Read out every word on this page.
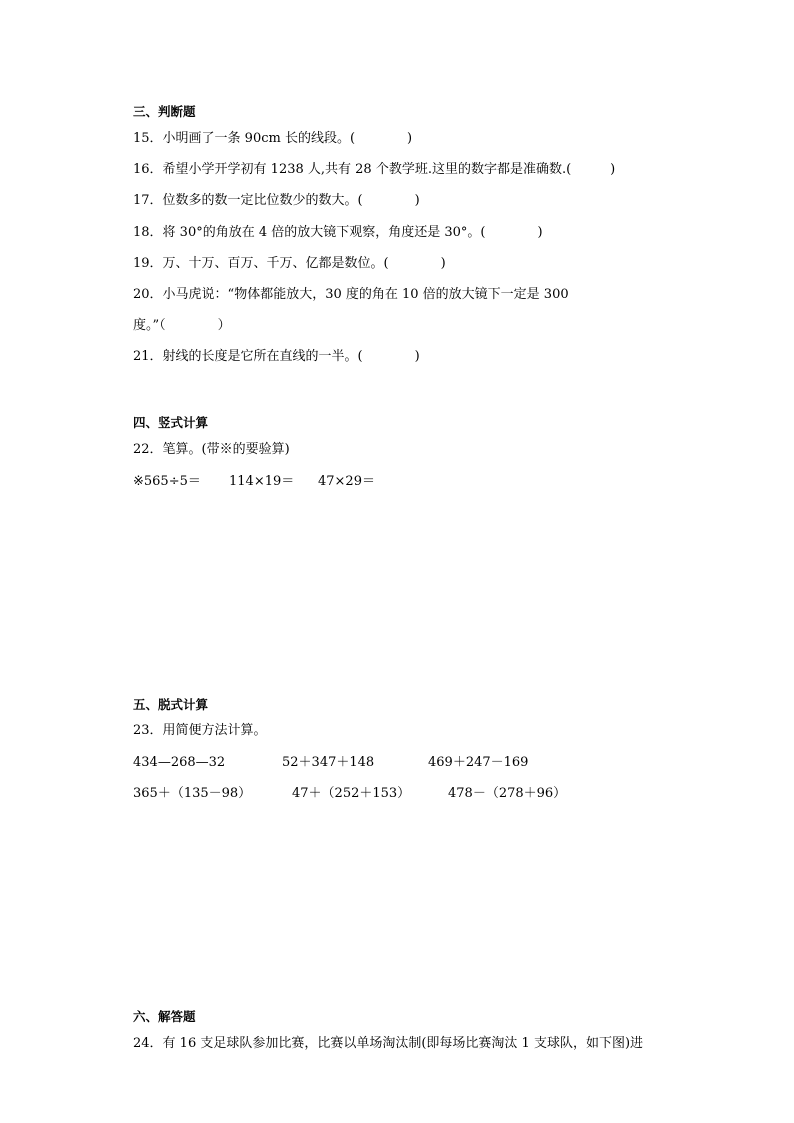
三、判断题
15．小明画了一条 90cm 长的线段。(　　　　)
16．希望小学开学初有 1238 人,共有 28 个教学班.这里的数字都是准确数.(　　　)
17．位数多的数一定比位数少的数大。(　　　　)
18．将 30°的角放在 4 倍的放大镜下观察，角度还是 30°。(　　　　)
19．万、十万、百万、千万、亿都是数位。(　　　　)
20．小马虎说：“物体都能放大，30 度的角在 10 倍的放大镜下一定是 300
度。”（　　　　）
21．射线的长度是它所在直线的一半。(　　　　)
四、竖式计算
22．笔算。(带※的要验算)
※565÷5＝ 114×19＝ 47×29＝
五、脱式计算
23．用简便方法计算。
434—268—32	52＋347＋148	469＋247－169
365＋（135－98）	47＋（252＋153）	478－（278＋96）
六、解答题
24．有 16 支足球队参加比赛，比赛以单场淘汰制(即每场比赛淘汰 1 支球队，如下图)进
